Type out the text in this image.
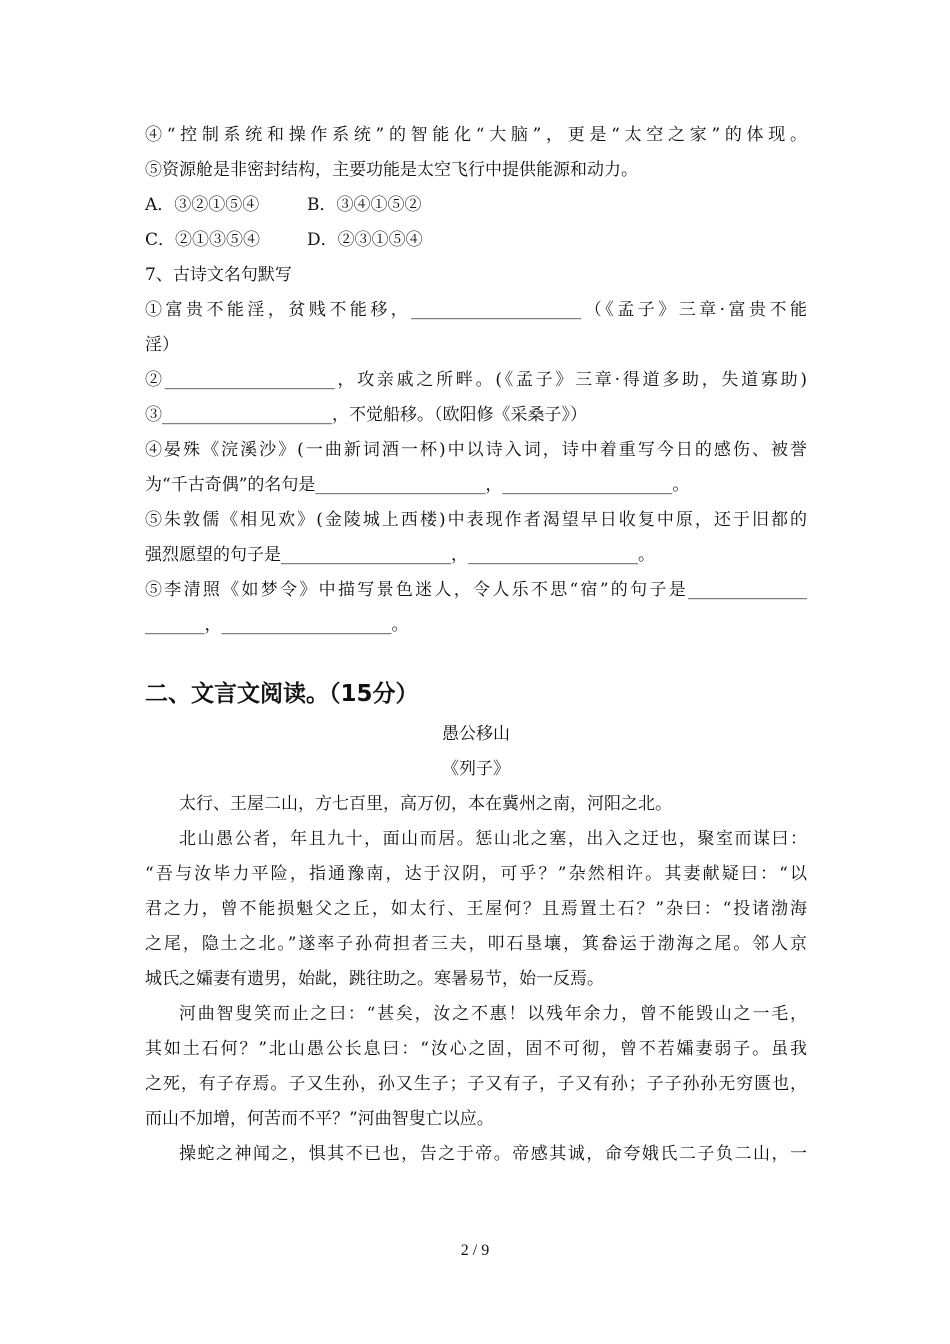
④“控制系统和操作系统”的智能化“大脑”，更是“太空之家”的体现。
⑤资源舱是非密封结构，主要功能是太空飞行中提供能源和动力。
A．③②①⑤④	B．③④①⑤②
C．②①③⑤④	D．②③①⑤④
7、古诗文名句默写
①富贵不能淫，贫贱不能移，____________________（《孟子》三章·富贵不能
淫）
②____________________，攻亲戚之所畔。(《孟子》三章·得道多助，失道寡助)
③____________________，不觉船移。（欧阳修《采桑子》）
④晏殊《浣溪沙》(一曲新词酒一杯)中以诗入词，诗中着重写今日的感伤、被誉
为“千古奇偶”的名句是____________________，____________________。
⑤朱敦儒《相见欢》(金陵城上西楼)中表现作者渴望早日收复中原，还于旧都的
强烈愿望的句子是____________________，____________________。
⑤李清照《如梦令》中描写景色迷人，令人乐不思“宿”的句子是______________
_______，____________________。
二、文言文阅读。（15分）
愚公移山
《列子》
太行、王屋二山，方七百里，高万仞，本在冀州之南，河阳之北。
北山愚公者，年且九十，面山而居。惩山北之塞，出入之迂也，聚室而谋曰：
“吾与汝毕力平险，指通豫南，达于汉阴，可乎？”杂然相许。其妻献疑曰：“以
君之力，曾不能损魁父之丘，如太行、王屋何？且焉置土石？”杂曰：“投诸渤海
之尾，隐土之北。”遂率子孙荷担者三夫，叩石垦壤，箕畚运于渤海之尾。邻人京
城氏之孀妻有遗男，始龀，跳往助之。寒暑易节，始一反焉。
河曲智叟笑而止之曰：“甚矣，汝之不惠！以残年余力，曾不能毁山之一毛，
其如土石何？”北山愚公长息曰：“汝心之固，固不可彻，曾不若孀妻弱子。虽我
之死，有子存焉。子又生孙，孙又生子；子又有子，子又有孙；子子孙孙无穷匮也，
而山不加增，何苦而不平？”河曲智叟亡以应。
操蛇之神闻之，惧其不已也，告之于帝。帝感其诚，命夸娥氏二子负二山，一
2 / 9
